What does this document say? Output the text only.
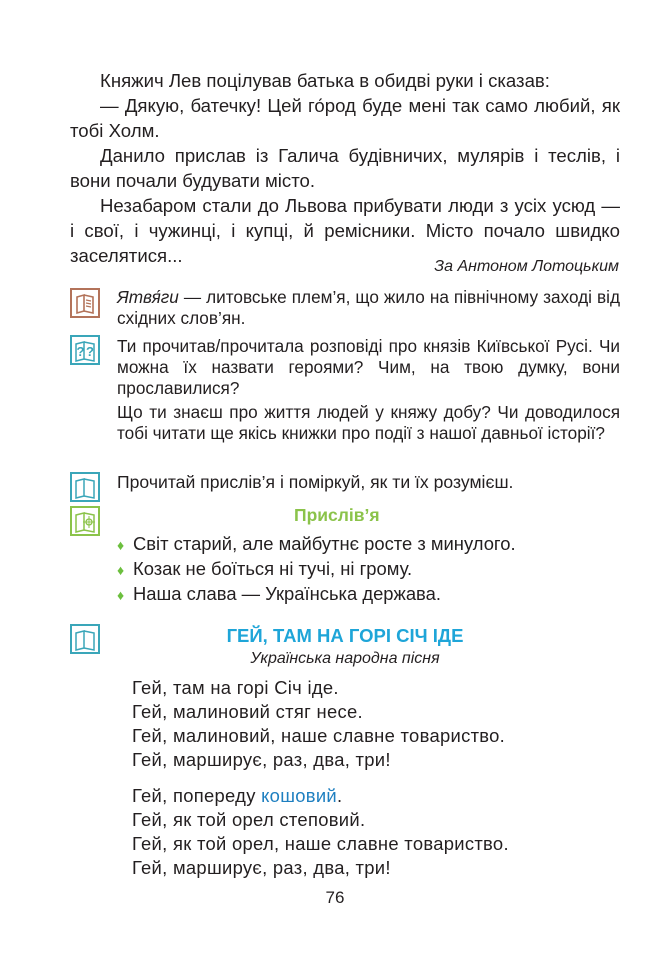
Княжич Лев поцілував батька в обидві руки і сказав:

— Дякую, батечку! Цей го́род буде мені так само любий, як тобі Холм.

Данило прислав із Галича будівничих, мулярів і теслів, і вони почали будувати місто.

Незабаром стали до Львова прибувати люди з усіх усюд — і свої, і чужинці, і купці, й ремісники. Місто почало швидко заселятися...

За Антоном Лотоцьким

Ятвя́ги — литовське плем’я, що жило на північному заході від східних слов’ян.

? ? Ти прочитав/прочитала розповіді про князів Київської Русі. Чи можна їх назвати героями? Чим, на твою думку, вони прославилися?

Що ти знаєш про життя людей у княжу добу? Чи доводилося тобі читати ще якісь книжки про події з нашої давньої історії?

Прочитай прислів’я і поміркуй, як ти їх розумієш.

Прислів’я
♦ Світ старий, але майбутнє росте з минулого.
♦ Козак не боїться ні тучі, ні грому.
♦ Наша слава — Українська держава.
ГЕЙ, ТАМ НА ГОРІ СІЧ ІДЕ
Українська народна пісня
Гей, там на горі Січ іде.
Гей, малиновий стяг несе.
Гей, малиновий, наше славне товариство.
Гей, марширує, раз, два, три!
Гей, попереду кошовий.
Гей, як той орел степовий.
Гей, як той орел, наше славне товариство.
Гей, марширує, раз, два, три!
76
